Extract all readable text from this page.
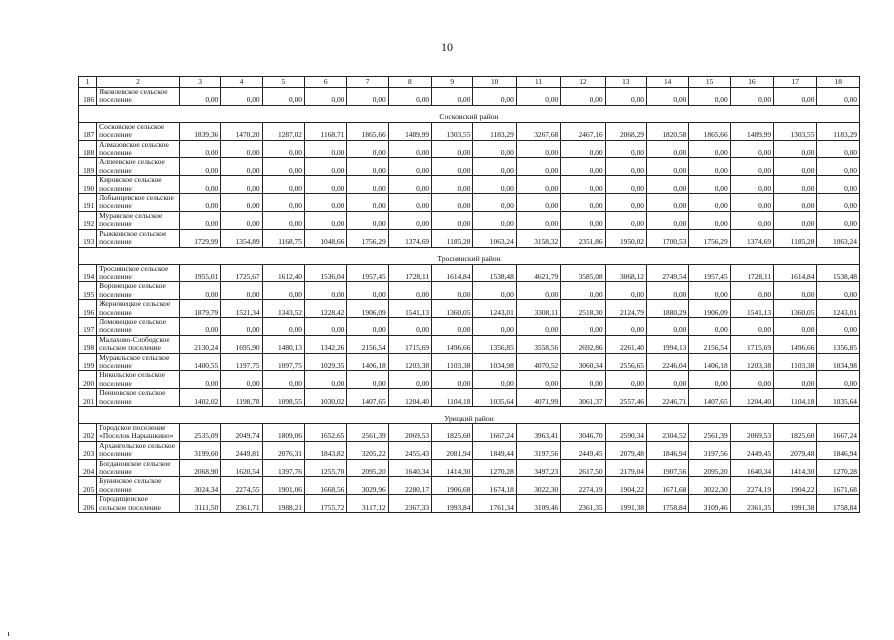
10
1	2	3	4	5	6	7	8	9	10	11	12	13	14	15	16	17	18
186	Яковлевское сельское поселение	0,00	0,00	0,00	0,00	0,00	0,00	0,00	0,00	0,00	0,00	0,00	0,00	0,00	0,00	0,00	0,00
Сосковский район																	
187	Сосковское сельское поселение	1839,36	1470,20	1287,02	1168,71	1865,66	1489,99	1303,55	1183,29	3267,68	2467,16	2068,29	1820,58	1865,66	1489,99	1303,55	1183,29
188	Алмазовское сельское поселение	0,00	0,00	0,00	0,00	0,00	0,00	0,00	0,00	0,00	0,00	0,00	0,00	0,00	0,00	0,00	0,00
189	Алпеевское сельское поселение	0,00	0,00	0,00	0,00	0,00	0,00	0,00	0,00	0,00	0,00	0,00	0,00	0,00	0,00	0,00	0,00
190	Кировское сельское поселение	0,00	0,00	0,00	0,00	0,00	0,00	0,00	0,00	0,00	0,00	0,00	0,00	0,00	0,00	0,00	0,00
191	Лобынцевское сельское поселение	0,00	0,00	0,00	0,00	0,00	0,00	0,00	0,00	0,00	0,00	0,00	0,00	0,00	0,00	0,00	0,00
192	Муравское сельское поселение	0,00	0,00	0,00	0,00	0,00	0,00	0,00	0,00	0,00	0,00	0,00	0,00	0,00	0,00	0,00	0,00
193	Рыжковское сельское поселение	1729,99	1354,89	1168,75	1048,66	1756,29	1374,69	1185,28	1063,24	3158,32	2351,86	1950,02	1700,53	1756,29	1374,69	1185,28	1063,24
Троснянский район																	
194	Троснянское сельское поселение	1955,01	1725,67	1612,40	1536,04	1957,45	1728,11	1614,84	1538,48	4621,79	3585,08	3068,12	2749,54	1957,45	1728,11	1614,84	1538,48
195	Воронецкое сельское поселение	0,00	0,00	0,00	0,00	0,00	0,00	0,00	0,00	0,00	0,00	0,00	0,00	0,00	0,00	0,00	0,00
196	Жерновецкое сельское поселение	1879,79	1521,34	1343,52	1228,42	1906,09	1541,13	1360,05	1243,01	3308,11	2518,30	2124,79	1880,29	1906,09	1541,13	1360,05	1243,01
197	Ломовецкое сельское поселение	0,00	0,00	0,00	0,00	0,00	0,00	0,00	0,00	0,00	0,00	0,00	0,00	0,00	0,00	0,00	0,00
198	Малахово-Слободское сельское поселение	2130,24	1695,90	1480,13	1342,26	2156,54	1715,69	1496,66	1356,85	3558,56	2692,86	2261,40	1994,13	2156,54	1715,69	1496,66	1356,85
199	Муравльское сельское поселение	1400,55	1197,75	1097,75	1029,35	1406,18	1203,38	1103,38	1034,98	4070,52	3060,34	2556,65	2246,04	1406,18	1203,38	1103,38	1034,98
200	Никольское сельское поселение	0,00	0,00	0,00	0,00	0,00	0,00	0,00	0,00	0,00	0,00	0,00	0,00	0,00	0,00	0,00	0,00
201	Пенновское сельское поселение	1402,02	1198,78	1098,55	1030,02	1407,65	1204,40	1104,18	1035,64	4071,99	3061,37	2557,46	2246,71	1407,65	1204,40	1104,18	1035,64
Урицкий район																	
202	Городское поселение «Поселок Нарышкино»	2535,09	2049,74	1809,06	1652,65	2561,39	2069,53	1825,60	1667,24	3963,41	3046,70	2590,34	2304,52	2561,39	2069,53	1825,60	1667,24
203	Архангельское сельское поселение	3199,60	2449,81	2076,31	1843,82	3205,22	2455,43	2081,94	1849,44	3197,56	2449,45	2079,48	1846,94	3197,56	2449,45	2079,48	1846,94
204	Богдановское сельское поселение	2068,90	1620,54	1397,76	1255,70	2095,20	1640,34	1414,30	1270,28	3497,23	2617,50	2179,04	1907,56	2095,20	1640,34	1414,30	1270,28
205	Бунинское сельское поселение	3024,34	2274,55	1901,06	1668,56	3029,96	2280,17	1906,68	1674,18	3022,30	2274,19	1904,22	1671,68	3022,30	2274,19	1904,22	1671,68
206	Городищенское сельское поселение	3111,50	2361,71	1988,21	1755,72	3117,12	2367,33	1993,84	1761,34	3109,46	2361,35	1991,38	1758,84	3109,46	2361,35	1991,38	1758,84
